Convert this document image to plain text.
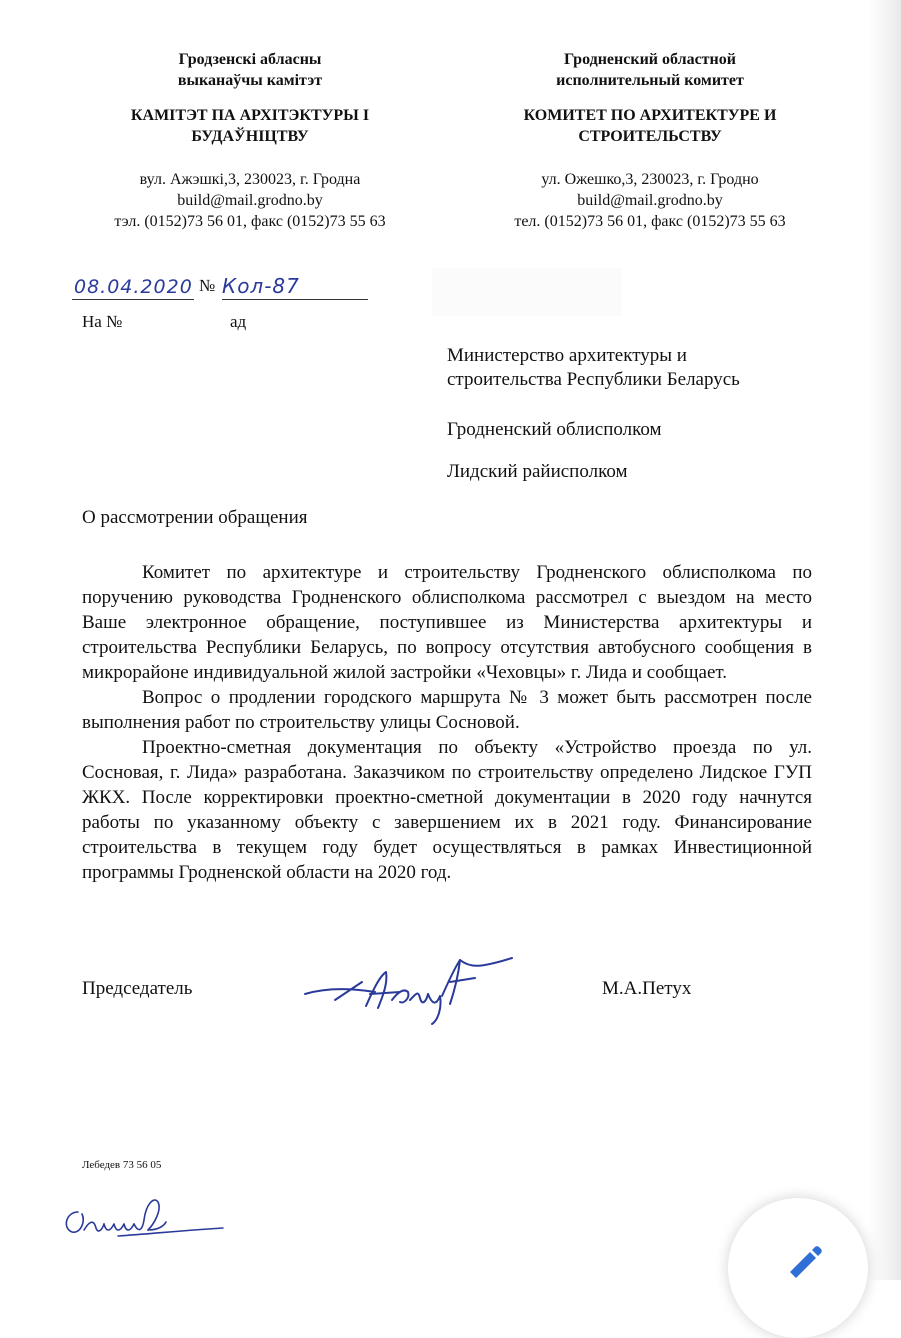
Гродзенскі абласны
выканаўчы камітэт
КАМІТЭТ ПА АРХІТЭКТУРЫ І
БУДАЎНІЦТВУ
вул. Ажэшкі,3, 230023, г. Гродна
build@mail.grodno.by
тэл. (0152)73 56 01, факс (0152)73 55 63
Гродненский областной
исполнительный комитет
КОМИТЕТ ПО АРХИТЕКТУРЕ И
СТРОИТЕЛЬСТВУ
ул. Ожешко,3, 230023, г. Гродно
build@mail.grodno.by
тел. (0152)73 56 01, факс (0152)73 55 63
08.04.2020 № Кол-87
На №	ад
Министерство архитектуры и
строительства Республики Беларусь
Гродненский облисполком
Лидский райисполком
О рассмотрении обращения

Комитет по архитектуре и строительству Гродненского облисполкома по поручению руководства Гродненского облисполкома рассмотрел с выездом на место Ваше электронное обращение, поступившее из Министерства архитектуры и строительства Республики Беларусь, по вопросу отсутствия автобусного сообщения в микрорайоне индивидуальной жилой застройки «Чеховцы» г. Лида и сообщает.

Вопрос о продлении городского маршрута № 3 может быть рассмотрен после выполнения работ по строительству улицы Сосновой.

Проектно-сметная документация по объекту «Устройство проезда по ул. Сосновая, г. Лида» разработана. Заказчиком по строительству определено Лидское ГУП ЖКХ. После корректировки проектно-сметной документации в 2020 году начнутся работы по указанному объекту с завершением их в 2021 году. Финансирование строительства в текущем году будет осуществляться в рамках Инвестиционной программы Гродненской области на 2020 год.

Председатель	М.А.Петух
Лебедев 73 56 05
